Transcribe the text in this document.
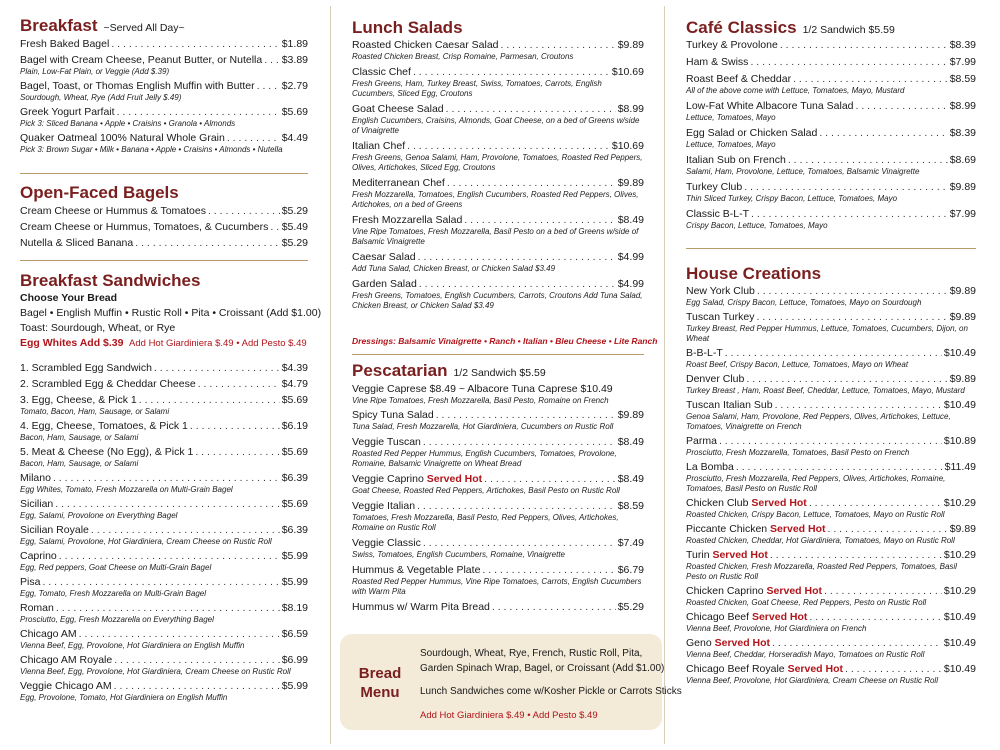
Breakfast ~Served All Day~
Fresh Baked Bagel . . .	$1.89
Bagel with Cream Cheese, Peanut Butter, or Nutella . . . $3.89
Plain, Low-Fat Plain, or Veggie (Add $.39)
Bagel, Toast, or Thomas English Muffin with Butter . . .	$2.79
Sourdough, Wheat, Rye (Add Fruit Jelly $.49)
Greek Yogurt Parfait . . .	$5.69
Pick 3: Sliced Banana • Apple • Craisins • Granola • Almonds
Quaker Oatmeal 100% Natural Whole Grain . . .	$4.49
Pick 3: Brown Sugar • Milk • Banana • Apple • Craisins • Almonds • Nutella
Open-Faced Bagels
Cream Cheese or Hummus & Tomatoes . . .	$5.29
Cream Cheese or Hummus, Tomatoes, & Cucumbers . . . $5.49
Nutella & Sliced Banana . . .	$5.29
Breakfast Sandwiches
Choose Your Bread
Bagel • English Muffin • Rustic Roll • Pita • Croissant (Add $1.00)
Toast: Sourdough, Wheat, or Rye
Egg Whites Add $.39 Add Hot Giardiniera $.49 • Add Pesto $.49
1. Scrambled Egg Sandwich . . .	$4.39
2. Scrambled Egg & Cheddar Cheese . . .	$4.79
3. Egg, Cheese, & Pick 1 . . .	$5.69
Tomato, Bacon, Ham, Sausage, or Salami
4. Egg, Cheese, Tomatoes, & Pick 1 . . .	$6.19
Bacon, Ham, Sausage, or Salami
5. Meat & Cheese (No Egg), & Pick 1 . . .	$5.69
Bacon, Ham, Sausage, or Salami
Milano . . .	$6.39
Egg Whites, Tomato, Fresh Mozzarella on Multi-Grain Bagel
Sicilian . . .	$5.69
Egg, Salami, Provolone on Everything Bagel
Sicilian Royale . . .	$6.39
Egg, Salami, Provolone, Hot Giardiniera, Cream Cheese on Rustic Roll
Caprino . . .	$5.99
Egg, Red peppers, Goat Cheese on Multi-Grain Bagel
Pisa . . .	$5.99
Egg, Tomato, Fresh Mozzarella on Multi-Grain Bagel
Roman . . .	$8.19
Prosciutto, Egg, Fresh Mozzarella on Everything Bagel
Chicago AM . . .	$6.59
Vienna Beef, Egg, Provolone, Hot Giardiniera on English Muffin
Chicago AM Royale . . .	$6.99
Vienna Beef, Egg, Provolone, Hot Giardiniera, Cream Cheese on Rustic Roll
Veggie Chicago AM . . .	$5.99
Egg, Provolone, Tomato, Hot Giardiniera on English Muffin
Lunch Salads
Roasted Chicken Caesar Salad . . .	$9.89
Roasted Chicken Breast, Crisp Romaine, Parmesan, Croutons
Classic Chef . . .	$10.69
Fresh Greens, Ham, Turkey Breast, Swiss, Tomatoes, Carrots, English Cucumbers, Sliced Egg, Croutons
Goat Cheese Salad . . .	$8.99
English Cucumbers, Craisins, Almonds, Goat Cheese, on a bed of Greens w/side of Vinaigrette
Italian Chef . . .	$10.69
Fresh Greens, Genoa Salami, Ham, Provolone, Tomatoes, Roasted Red Peppers, Olives, Artichokes, Sliced Egg, Croutons
Mediterranean Chef . . .	$9.89
Fresh Mozzarella, Tomatoes, English Cucumbers, Roasted Red Peppers, Olives, Artichokes, on a bed of Greens
Fresh Mozzarella Salad . . .	$8.49
Vine Ripe Tomatoes, Fresh Mozzarella, Basil Pesto on a bed of Greens w/side of Balsamic Vinaigrette
Caesar Salad . . .	$4.99
Add Tuna Salad, Chicken Breast, or Chicken Salad $3.49
Garden Salad . . .	$4.99
Fresh Greens, Tomatoes, English Cucumbers, Carrots, Croutons Add Tuna Salad, Chicken Breast, or Chicken Salad $3.49
Dressings: Balsamic Vinaigrette • Ranch • Italian • Bleu Cheese • Lite Ranch
Pescatarian 1/2 Sandwich $5.59
Veggie Caprese $8.49 ~ Albacore Tuna Caprese $10.49
Vine Ripe Tomatoes, Fresh Mozzarella, Basil Pesto, Romaine on French
Spicy Tuna Salad . . .	$9.89
Tuna Salad, Fresh Mozzarella, Hot Giardiniera, Cucumbers on Rustic Roll
Veggie Tuscan . . .	$8.49
Roasted Red Pepper Hummus, English Cucumbers, Tomatoes, Provolone, Romaine, Balsamic Vinaigrette on Wheat Bread
Veggie Caprino Served Hot . . .	$8.49
Goat Cheese, Roasted Red Peppers, Artichokes, Basil Pesto on Rustic Roll
Veggie Italian . . .	$8.59
Tomatoes, Fresh Mozzarella, Basil Pesto, Red Peppers, Olives, Artichokes, Romaine on Rustic Roll
Veggie Classic . . .	$7.49
Swiss, Tomatoes, English Cucumbers, Romaine, Vinaigrette
Hummus & Vegetable Plate . . .	$6.79
Roasted Red Pepper Hummus, Vine Ripe Tomatoes, Carrots, English Cucumbers with Warm Pita
Hummus w/ Warm Pita Bread . . .	$5.29
Bread Menu
Sourdough, Wheat, Rye, French, Rustic Roll, Pita,
Garden Spinach Wrap, Bagel, or Croissant (Add $1.00)
Lunch Sandwiches come w/Kosher Pickle or Carrots Sticks
Add Hot Giardiniera $.49 • Add Pesto $.49
Café Classics 1/2 Sandwich $5.59
Turkey & Provolone . . .	$8.39
Ham & Swiss . . .	$7.99
Roast Beef & Cheddar . . .	$8.59
All of the above come with Lettuce, Tomatoes, Mayo, Mustard
Low-Fat White Albacore Tuna Salad . . .	$8.99
Lettuce, Tomatoes, Mayo
Egg Salad or Chicken Salad . . .	$8.39
Lettuce, Tomatoes, Mayo
Italian Sub on French . . .	$8.69
Salami, Ham, Provolone, Lettuce, Tomatoes, Balsamic Vinaigrette
Turkey Club . . .	$9.89
Thin Sliced Turkey, Crispy Bacon, Lettuce, Tomatoes, Mayo
Classic B-L-T . . .	$7.99
Crispy Bacon, Lettuce, Tomatoes, Mayo
House Creations
New York Club . . .	$9.89
Egg Salad, Crispy Bacon, Lettuce, Tomatoes, Mayo on Sourdough
Tuscan Turkey . . .	$9.89
Turkey Breast, Red Pepper Hummus, Lettuce, Tomatoes, Cucumbers, Dijon, on Wheat
B-B-L-T . . .	$10.49
Roast Beef, Crispy Bacon, Lettuce, Tomatoes, Mayo on Wheat
Denver Club . . .	$9.89
Turkey Breast , Ham, Roast Beef, Cheddar, Lettuce, Tomatoes, Mayo, Mustard
Tuscan Italian Sub . . .	$10.49
Genoa Salami, Ham, Provolone, Red Peppers, Olives, Artichokes, Lettuce, Tomatoes, Vinaigrette on French
Parma . . .	$10.89
Prosciutto, Fresh Mozzarella, Tomatoes, Basil Pesto on French
La Bomba . . .	$11.49
Prosciutto, Fresh Mozzarella, Red Peppers, Olives, Artichokes, Romaine, Tomatoes, Basil Pesto on Rustic Roll
Chicken Club Served Hot . . .	$10.29
Roasted Chicken, Crispy Bacon, Lettuce, Tomatoes, Mayo on Rustic Roll
Piccante Chicken Served Hot . . .	$9.89
Roasted Chicken, Cheddar, Hot Giardiniera, Tomatoes, Mayo on Rustic Roll
Turin Served Hot . . .	$10.29
Roasted Chicken, Fresh Mozzarella, Roasted Red Peppers, Tomatoes, Basil Pesto on Rustic Roll
Chicken Caprino Served Hot . . .	$10.29
Roasted Chicken, Goat Cheese, Red Peppers, Pesto on Rustic Roll
Chicago Beef Served Hot . . .	$10.49
Vienna Beef, Provolone, Hot Giardiniera on French
Geno Served Hot . . .	$10.49
Vienna Beef, Cheddar, Horseradish Mayo, Tomatoes on Rustic Roll
Chicago Beef Royale Served Hot . . .	$10.49
Vienna Beef, Provolone, Hot Giardiniera, Cream Cheese on Rustic Roll
